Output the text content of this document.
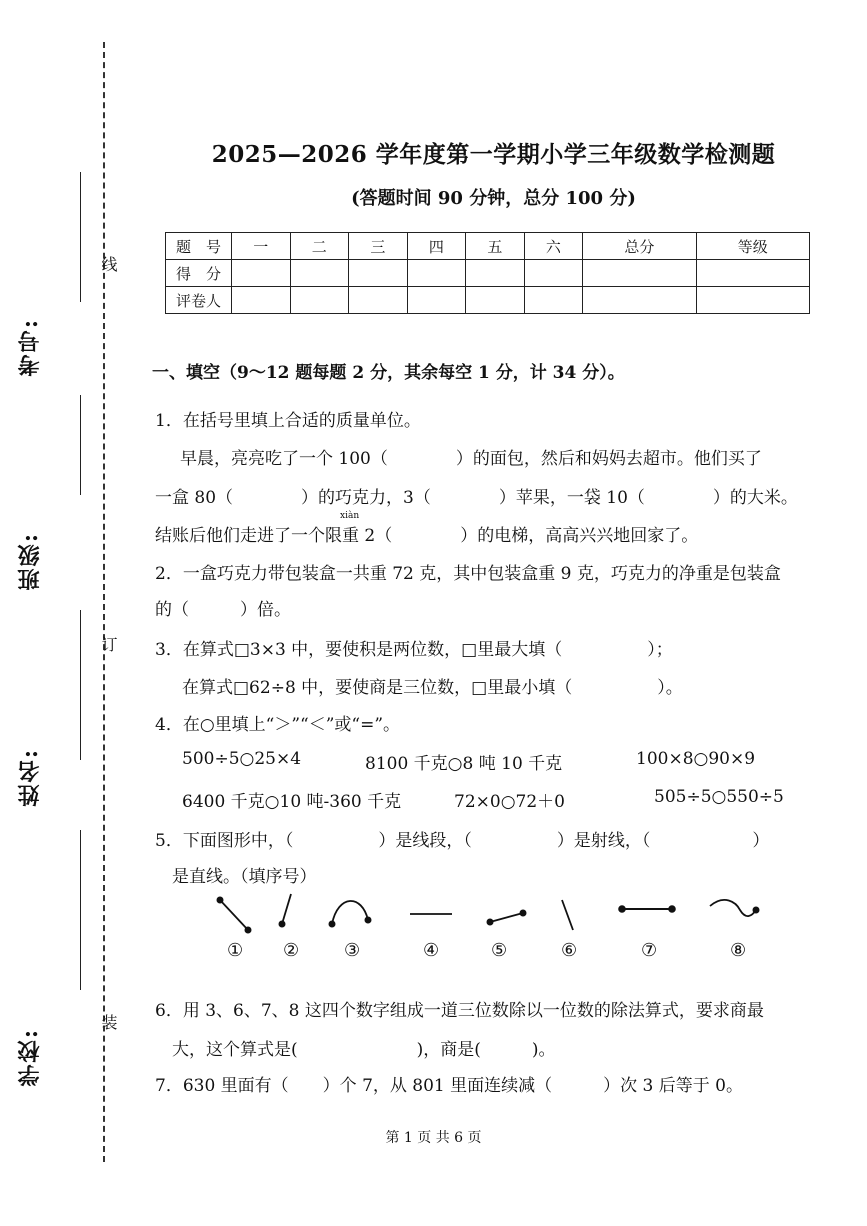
线
订
装
考号:
班级:
姓名:
学校:
2025—2026 学年度第一学期小学三年级数学检测题
(答题时间 90 分钟，总分 100 分)
题　号	一	二	三	四	五	六	总分	等级
得　分								
评卷人								
一、填空（9～12 题每题 2 分，其余每空 1 分，计 34 分）。
1．在括号里填上合适的质量单位。
早晨，亮亮吃了一个 100（　　　　）的面包，然后和妈妈去超市。他们买了
一盒 80（　　　　）的巧克力，3（　　　　）苹果，一袋 10（　　　　）的大米。
xiàn
结账后他们走进了一个限重 2（　　　　）的电梯，高高兴兴地回家了。
2．一盒巧克力带包装盒一共重 72 克，其中包装盒重 9 克，巧克力的净重是包装盒
的（　　　）倍。
3．在算式□3×3 中，要使积是两位数，□里最大填（　　　　　）；
在算式□62÷8 中，要使商是三位数，□里最小填（　　　　　）。
4．在○里填上“＞”“＜”或“=”。
500÷5○25×4	8100 千克○8 吨 10 千克	100×8○90×9
6400 千克○10 吨-360 千克	72×0○72＋0	505÷5○550÷5
5．下面图形中，（　　　　　）是线段，（　　　　　）是射线，（　　　　　　）
是直线。（填序号）
① ② ③	④	⑤	⑥	⑦	⑧
6．用 3、6、7、8 这四个数字组成一道三位数除以一位数的除法算式，要求商最
大，这个算式是(　　　　　　　)，商是(　　　)。
7．630 里面有（　　）个 7，从 801 里面连续减（　　　）次 3 后等于 0。
第 1 页 共 6 页
